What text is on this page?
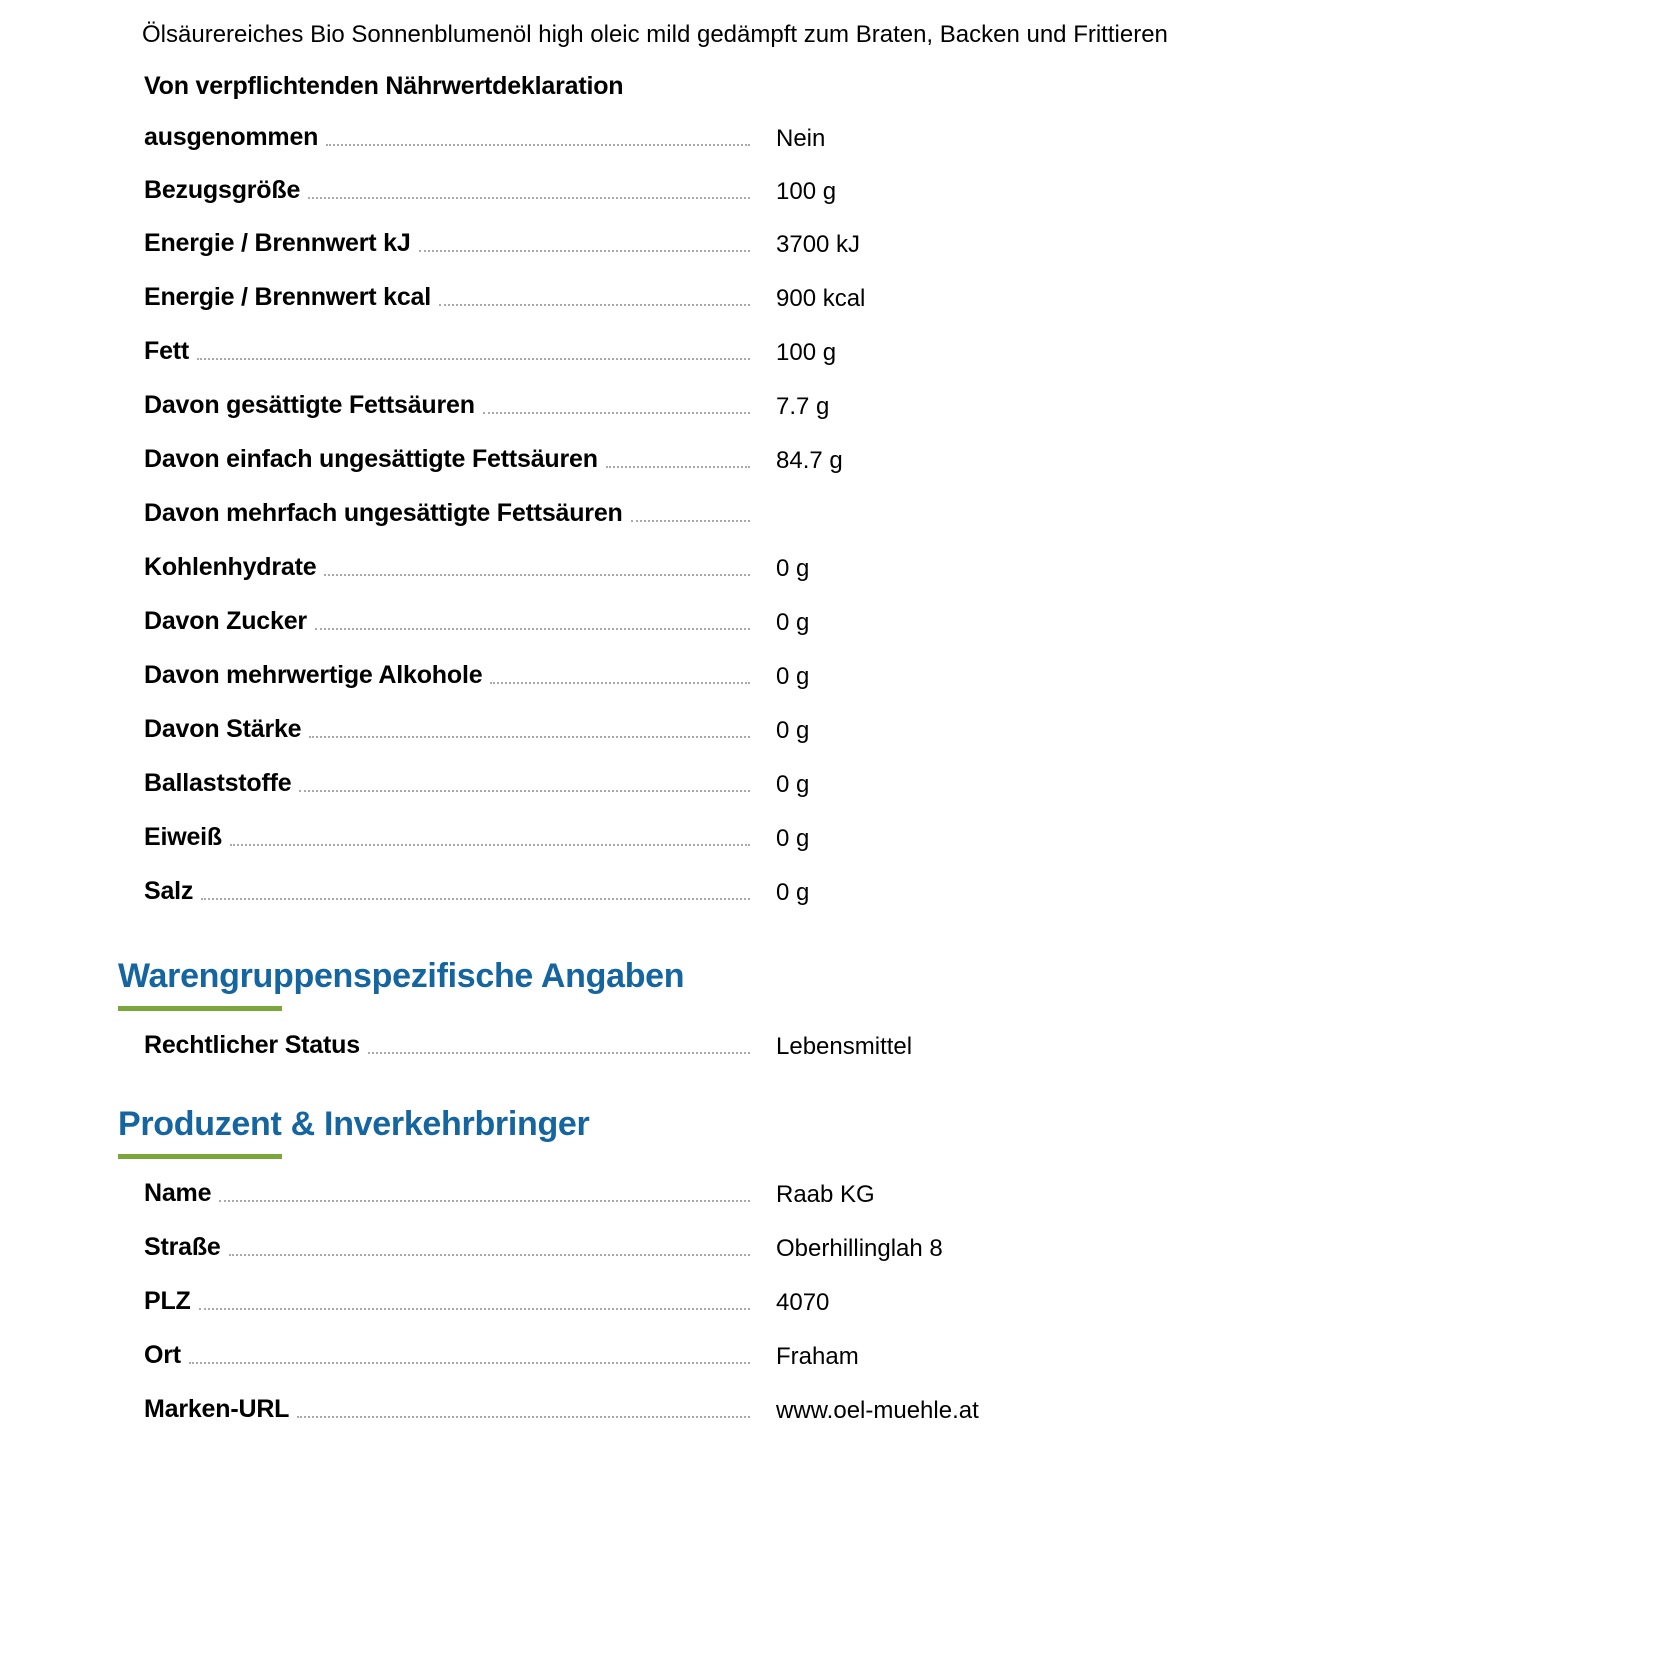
Ölsäurereiches Bio Sonnenblumenöl high oleic mild gedämpft zum Braten, Backen und Frittieren
Von verpflichtenden Nährwertdeklaration
ausgenommen	Nein
Bezugsgröße	100 g
Energie / Brennwert kJ	3700 kJ
Energie / Brennwert kcal	900 kcal
Fett	100 g
Davon gesättigte Fettsäuren	7.7 g
Davon einfach ungesättigte Fettsäuren	84.7 g
Davon mehrfach ungesättigte Fettsäuren
Kohlenhydrate	0 g
Davon Zucker	0 g
Davon mehrwertige Alkohole	0 g
Davon Stärke	0 g
Ballaststoffe	0 g
Eiweiß	0 g
Salz	0 g
Warengruppenspezifische Angaben
Rechtlicher Status	Lebensmittel
Produzent & Inverkehrbringer
Name	Raab KG
Straße	Oberhillinglah 8
PLZ	4070
Ort	Fraham
Marken-URL	www.oel-muehle.at
